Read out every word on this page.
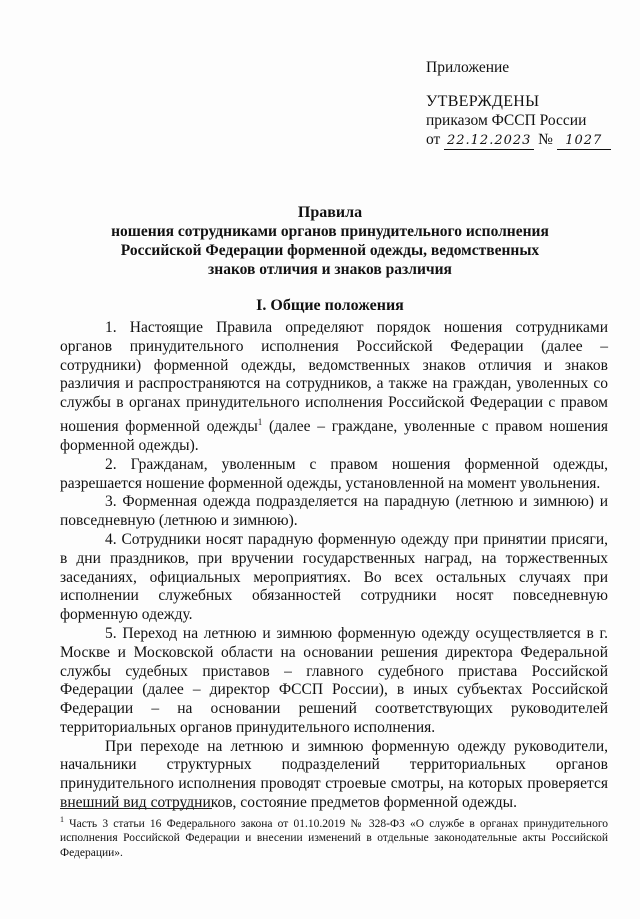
Приложение
УТВЕРЖДЕНЫ
приказом ФССП России
от 22.12.2023 № 1027
Правила
ношения сотрудниками органов принудительного исполнения
Российской Федерации форменной одежды, ведомственных
знаков отличия и знаков различия
I. Общие положения

1. Настоящие Правила определяют порядок ношения сотрудниками органов принудительного исполнения Российской Федерации (далее – сотрудники) форменной одежды, ведомственных знаков отличия и знаков различия и распространяются на сотрудников, а также на граждан, уволенных со службы в органах принудительного исполнения Российской Федерации с правом ношения форменной одежды$^1$ (далее – граждане, уволенные с правом ношения форменной одежды).

2. Гражданам, уволенным с правом ношения форменной одежды, разрешается ношение форменной одежды, установленной на момент увольнения.

3. Форменная одежда подразделяется на парадную (летнюю и зимнюю) и повседневную (летнюю и зимнюю).

4. Сотрудники носят парадную форменную одежду при принятии присяги, в дни праздников, при вручении государственных наград, на торжественных заседаниях, официальных мероприятиях. Во всех остальных случаях при исполнении служебных обязанностей сотрудники носят повседневную форменную одежду.

5. Переход на летнюю и зимнюю форменную одежду осуществляется в г. Москве и Московской области на основании решения директора Федеральной службы судебных приставов – главного судебного пристава Российской Федерации (далее – директор ФССП России), в иных субъектах Российской Федерации – на основании решений соответствующих руководителей территориальных органов принудительного исполнения.

При переходе на летнюю и зимнюю форменную одежду руководители, начальники структурных подразделений территориальных органов принудительного исполнения проводят строевые смотры, на которых проверяется внешний вид сотрудников, состояние предметов форменной одежды.

$^1$ Часть 3 статьи 16 Федерального закона от 01.10.2019 № 328-ФЗ «О службе в органах принудительного исполнения Российской Федерации и внесении изменений в отдельные законодательные акты Российской Федерации».
